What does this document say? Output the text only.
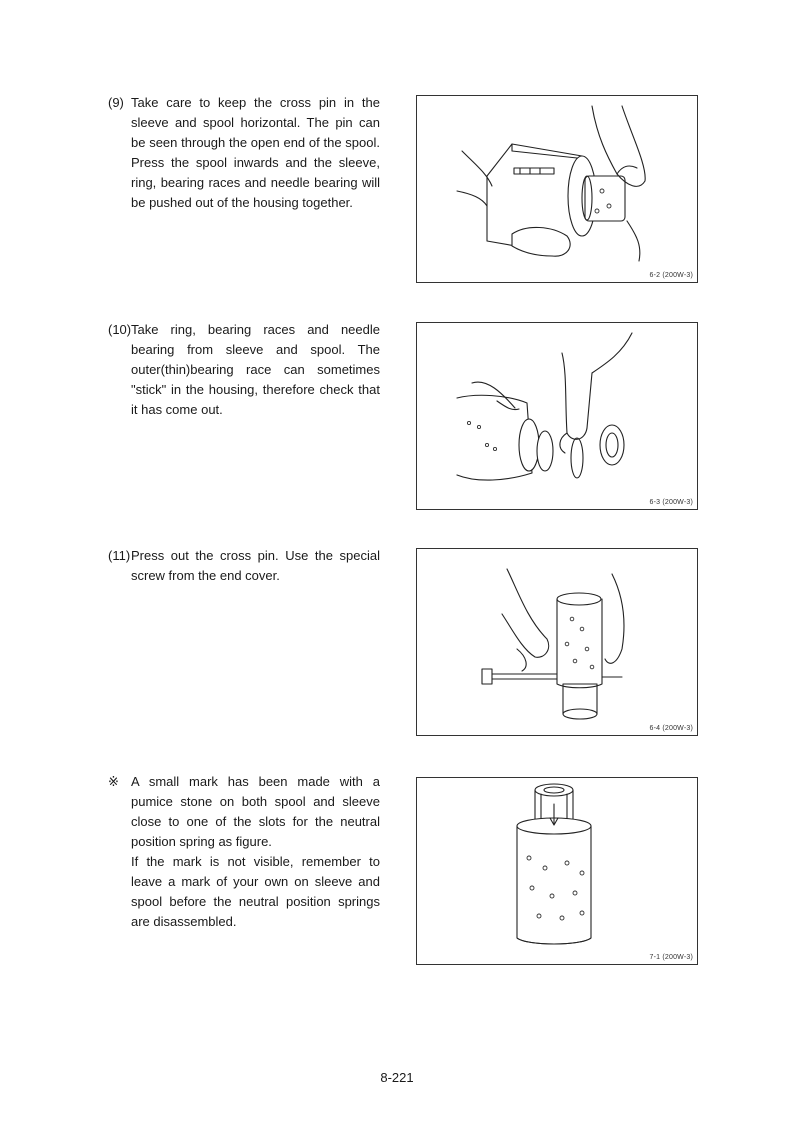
(9) Take care to keep the cross pin in the sleeve and spool horizontal. The pin can be seen through the open end of the spool. Press the spool inwards and the sleeve, ring, bearing races and needle bearing will be pushed out of the housing together.

6-2 (200W-3)
(10) Take ring, bearing races and needle bearing from sleeve and spool. The outer(thin)bearing race can sometimes "stick" in the housing, therefore check that it has come out.

6-3 (200W-3)
(11) Press out the cross pin. Use the special screw from the end cover.

6-4 (200W-3)
※ A small mark has been made with a pumice stone on both spool and sleeve close to one of the slots for the neutral position spring as figure.

If the mark is not visible, remember to leave a mark of your own on sleeve and spool before the neutral position springs are disassembled.

7-1 (200W-3)
8-221
